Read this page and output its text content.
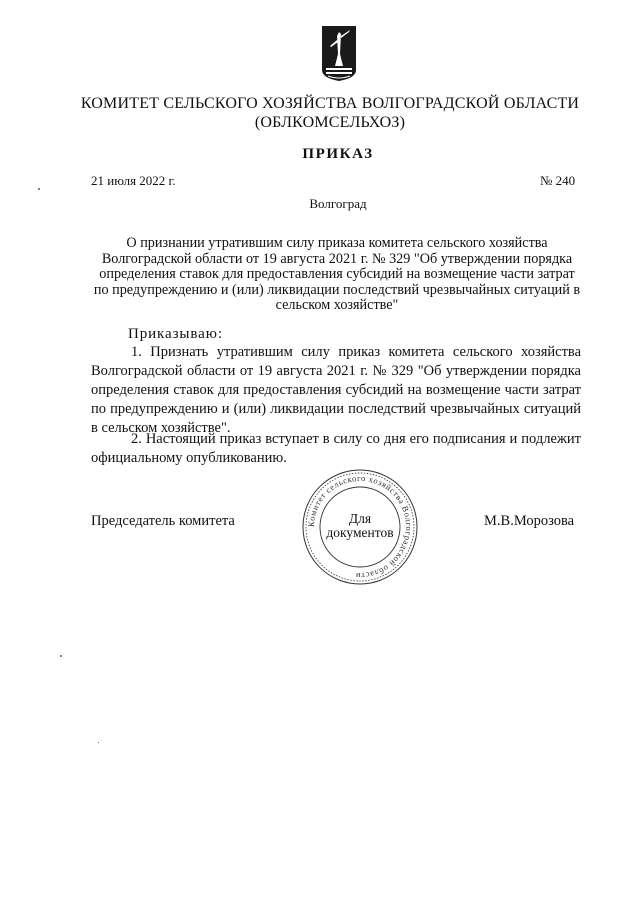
КОМИТЕТ СЕЛЬСКОГО ХОЗЯЙСТВА ВОЛГОГРАДСКОЙ ОБЛАСТИ
(ОБЛКОМСЕЛЬХОЗ)
ПРИКАЗ
21 июля 2022 г.	№ 240
Волгоград
О признании утратившим силу приказа комитета сельского хозяйства Волгоградской области от 19 августа 2021 г. № 329 "Об утверждении порядка определения ставок для предоставления субсидий на возмещение части затрат по предупреждению и (или) ликвидации последствий чрезвычайных ситуаций в сельском хозяйстве"
Приказываю:
1. Признать утратившим силу приказ комитета сельского хозяйства Волгоградской области от 19 августа 2021 г. № 329 "Об утверждении порядка определения ставок для предоставления субсидий на возмещение части затрат по предупреждению и (или) ликвидации последствий чрезвычайных ситуаций в сельском хозяйстве".
2. Настоящий приказ вступает в силу со дня его подписания и подлежит официальному опубликованию.
Председатель комитета	Комитет сельского хозяйства Волгоградской области
Для
документов
М.В.Морозова
